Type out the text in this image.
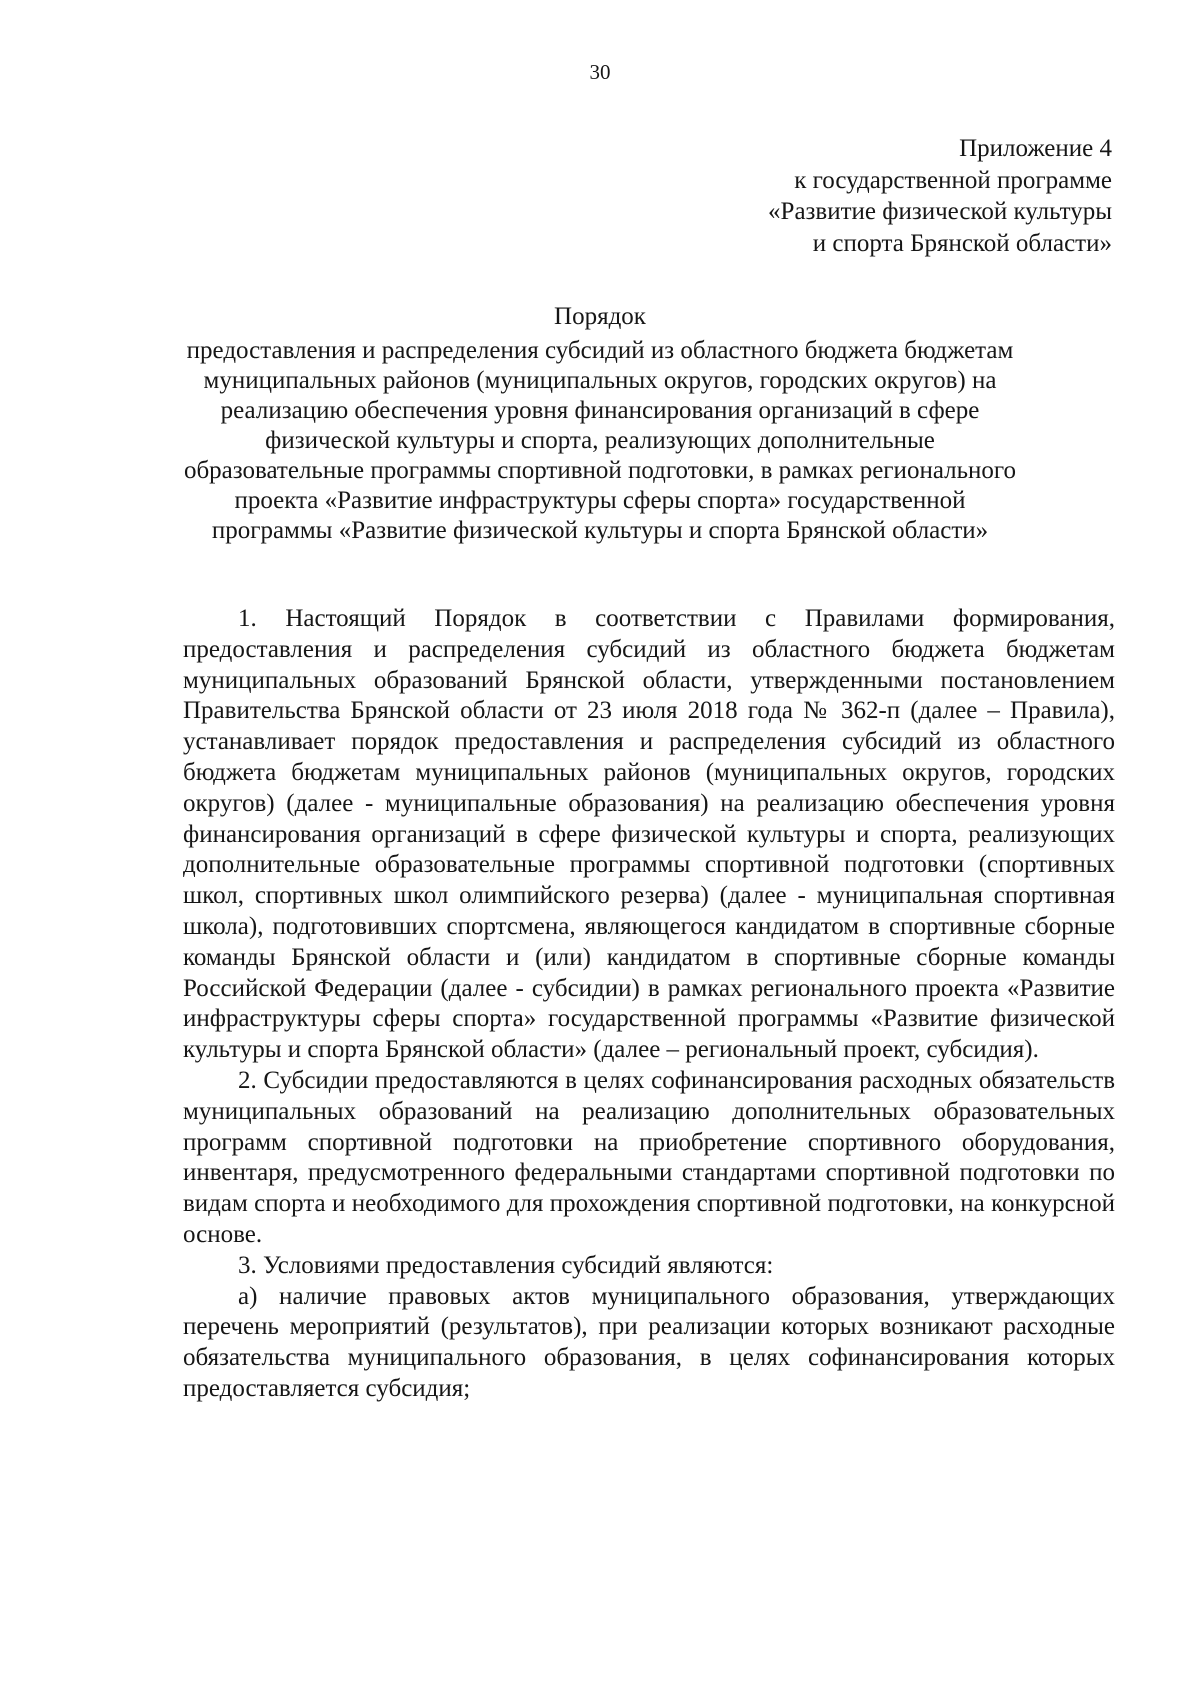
30
Приложение 4
к государственной программе
«Развитие физической культуры
и спорта Брянской области»
Порядок
предоставления и распределения субсидий из областного бюджета бюджетам
муниципальных районов (муниципальных округов, городских округов) на
реализацию обеспечения уровня финансирования организаций в сфере
физической культуры и спорта, реализующих дополнительные
образовательные программы спортивной подготовки, в рамках регионального
проекта «Развитие инфраструктуры сферы спорта» государственной
программы «Развитие физической культуры и спорта Брянской области»

1. Настоящий Порядок в соответствии с Правилами формирования, предоставления и распределения субсидий из областного бюджета бюджетам муниципальных образований Брянской области, утвержденными постановлением Правительства Брянской области от 23 июля 2018 года № 362-п (далее – Правила), устанавливает порядок предоставления и распределения субсидий из областного бюджета бюджетам муниципальных районов (муниципальных округов, городских округов) (далее - муниципальные образования) на реализацию обеспечения уровня финансирования организаций в сфере физической культуры и спорта, реализующих дополнительные образовательные программы спортивной подготовки (спортивных школ, спортивных школ олимпийского резерва) (далее - муниципальная спортивная школа), подготовивших спортсмена, являющегося кандидатом в спортивные сборные команды Брянской области и (или) кандидатом в спортивные сборные команды Российской Федерации (далее - субсидии) в рамках регионального проекта «Развитие инфраструктуры сферы спорта» государственной программы «Развитие физической культуры и спорта Брянской области» (далее – региональный проект, субсидия).

2. Субсидии предоставляются в целях софинансирования расходных обязательств муниципальных образований на реализацию дополнительных образовательных программ спортивной подготовки на приобретение спортивного оборудования, инвентаря, предусмотренного федеральными стандартами спортивной подготовки по видам спорта и необходимого для прохождения спортивной подготовки, на конкурсной основе.

3. Условиями предоставления субсидий являются:

а) наличие правовых актов муниципального образования, утверждающих перечень мероприятий (результатов), при реализации которых возникают расходные обязательства муниципального образования, в целях софинансирования которых предоставляется субсидия;
